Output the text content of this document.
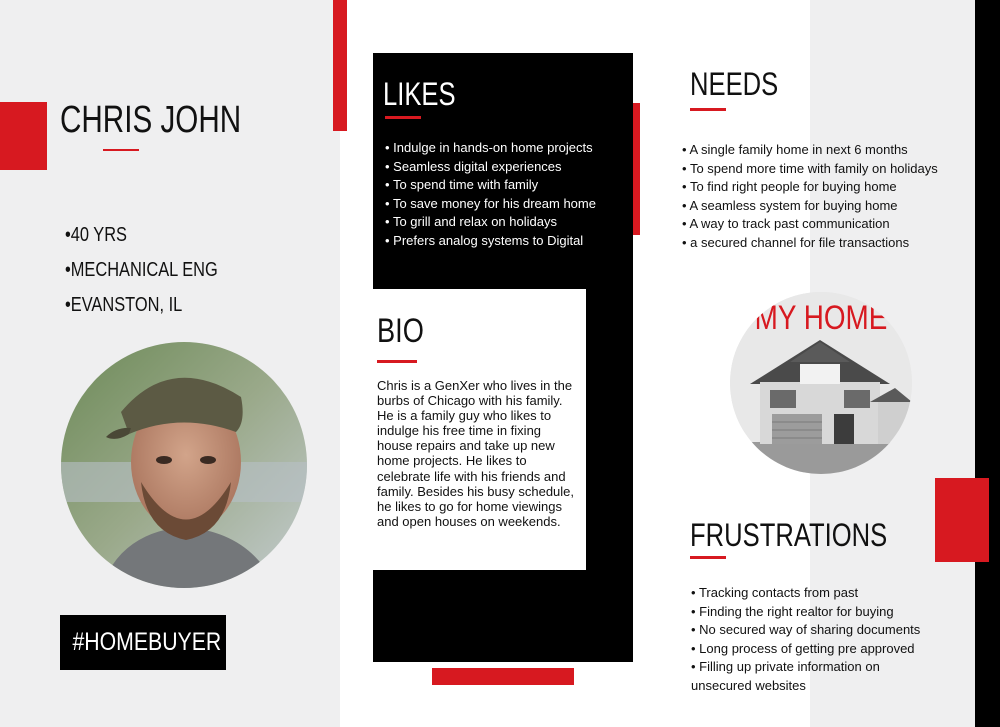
CHRIS JOHN
•40 YRS
•MECHANICAL ENG
•EVANSTON, IL
#HOMEBUYER
LIKES
• Indulge in hands-on home projects
• Seamless digital experiences
• To spend time with family
• To save money for his dream home
• To grill and relax on holidays
• Prefers analog systems to Digital
BIO
Chris is a GenXer who lives in the burbs of Chicago with his family. He is a family guy who likes to indulge his free time in fixing house repairs and take up new home projects. He likes to celebrate life with his friends and family. Besides his busy schedule, he likes to go for home viewings and open houses on weekends.
NEEDS
• A single family home in next 6 months
• To spend more time with family on holidays
• To find right people for buying home
• A seamless system for buying home
• A way to track past communication
• a secured channel for file transactions
MY HOME
FRUSTRATIONS
• Tracking contacts from past
• Finding the right realtor for buying
• No secured way of sharing documents
• Long process of getting pre approved
• Filling up private information on unsecured websites
